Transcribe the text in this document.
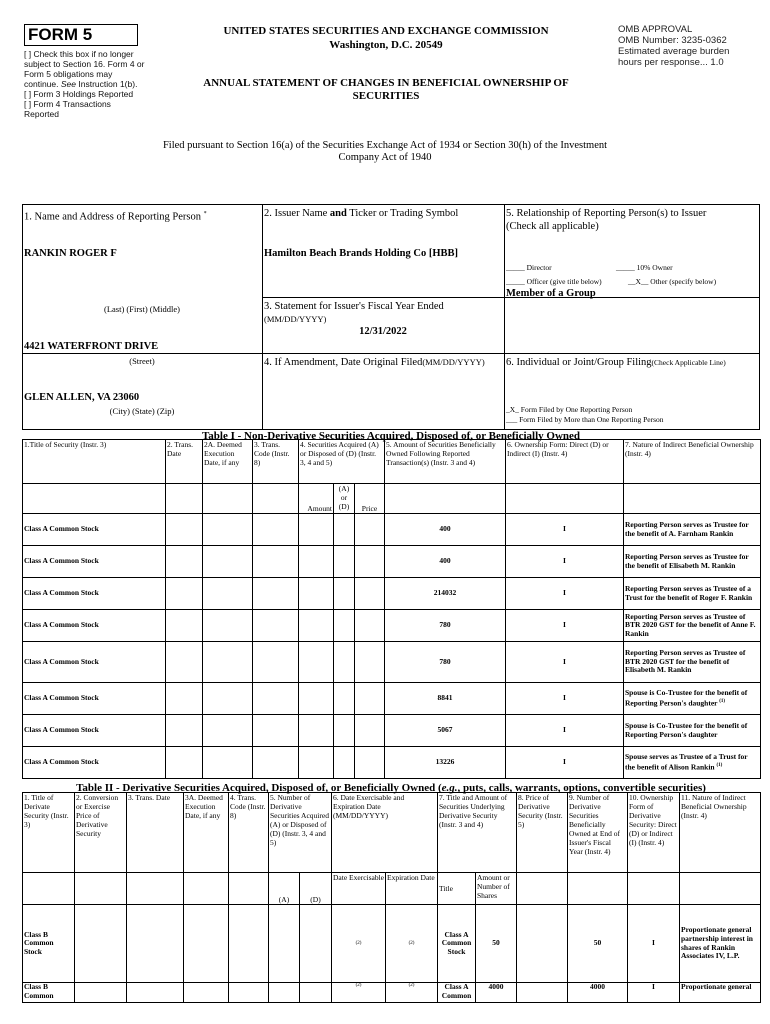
FORM 5
[ ] Check this box if no longer subject to Section 16. Form 4 or Form 5 obligations may continue. See Instruction 1(b).
[ ] Form 3 Holdings Reported
[ ] Form 4 Transactions Reported
UNITED STATES SECURITIES AND EXCHANGE COMMISSION
Washington, D.C. 20549
ANNUAL STATEMENT OF CHANGES IN BENEFICIAL OWNERSHIP OF SECURITIES
OMB APPROVAL
OMB Number: 3235-0362
Estimated average burden
hours per response... 1.0
Filed pursuant to Section 16(a) of the Securities Exchange Act of 1934 or Section 30(h) of the Investment Company Act of 1940
1. Name and Address of Reporting Person *
RANKIN ROGER F
(Last) (First) (Middle)
4421 WATERFRONT DRIVE
(Street)
GLEN ALLEN, VA 23060
(City) (State) (Zip)
2. Issuer Name and Ticker or Trading Symbol
Hamilton Beach Brands Holding Co [HBB]
3. Statement for Issuer's Fiscal Year Ended
(MM/DD/YYYY)
12/31/2022
4. If Amendment, Date Original Filed(MM/DD/YYYY)
5. Relationship of Reporting Person(s) to Issuer
(Check all applicable)
_____ Director	_____ 10% Owner
_____ Officer (give title below)	__X__ Other (specify below)
Member of a Group
6. Individual or Joint/Group Filing(Check Applicable Line)
_X_ Form Filed by One Reporting Person
___ Form Filed by More than One Reporting Person
Table I - Non-Derivative Securities Acquired, Disposed of, or Beneficially Owned
1.Title of Security (Instr. 3)	2. Trans. Date	2A. Deemed Execution Date, if any	3. Trans. Code (Instr. 8)	4. Securities Acquired (A) or Disposed of (D) (Instr. 3, 4 and 5)			5. Amount of Securities Beneficially Owned Following Reported Transaction(s) (Instr. 3 and 4)	6. Ownership Form: Direct (D) or Indirect (I) (Instr. 4)	7. Nature of Indirect Beneficial Ownership (Instr. 4)
				Amount	(A) or (D)	Price			
Class A Common Stock							400	I	Reporting Person serves as Trustee for the benefit of A. Farnham Rankin
Class A Common Stock							400	I	Reporting Person serves as Trustee for the benefit of Elisabeth M. Rankin
Class A Common Stock							214032	I	Reporting Person serves as Trustee of a Trust for the benefit of Roger F. Rankin
Class A Common Stock							780	I	Reporting Person serves as Trustee of BTR 2020 GST for the benefit of Anne F. Rankin
Class A Common Stock							780	I	Reporting Person serves as Trustee of BTR 2020 GST for the benefit of Elisabeth M. Rankin
Class A Common Stock							8841	I	Spouse is Co-Trustee for the benefit of Reporting Person's daughter $^{(1)}$
Class A Common Stock							5067	I	Spouse is Co-Trustee for the benefit of Reporting Person's daughter
Class A Common Stock							13226	I	Spouse serves as Trustee of a Trust for the benefit of Alison Rankin $^{(1)}$
Table II - Derivative Securities Acquired, Disposed of, or Beneficially Owned (e.g., puts, calls, warrants, options, convertible securities)
1. Title of Derivate Security (Instr. 3)	2. Conversion or Exercise Price of Derivative Security	3. Trans. Date	3A. Deemed Execution Date, if any	4. Trans. Code (Instr. 8)	5. Number of Derivative Securities Acquired (A) or Disposed of (D) (Instr. 3, 4 and 5)		6. Date Exercisable and Expiration Date (MM/DD/YYYY)		7. Title and Amount of Securities Underlying Derivative Security (Instr. 3 and 4)		8. Price of Derivative Security (Instr. 5)	9. Number of Derivative Securities Beneficially Owned at End of Issuer's Fiscal Year (Instr. 4)	10. Ownership Form of Derivative Security: Direct (D) or Indirect (I) (Instr. 4)	11. Nature of Indirect Beneficial Ownership (Instr. 4)
					(A)	(D)	Date Exercisable	Expiration Date	Title	Amount or Number of Shares				
Class B Common Stock							(2)	(2)	Class A Common Stock	50		50	I	Proportionate general partnership interest in shares of Rankin Associates IV, L.P.
Class B Common							(2)	(2)	Class A Common	4000		4000	I	Proportionate general
